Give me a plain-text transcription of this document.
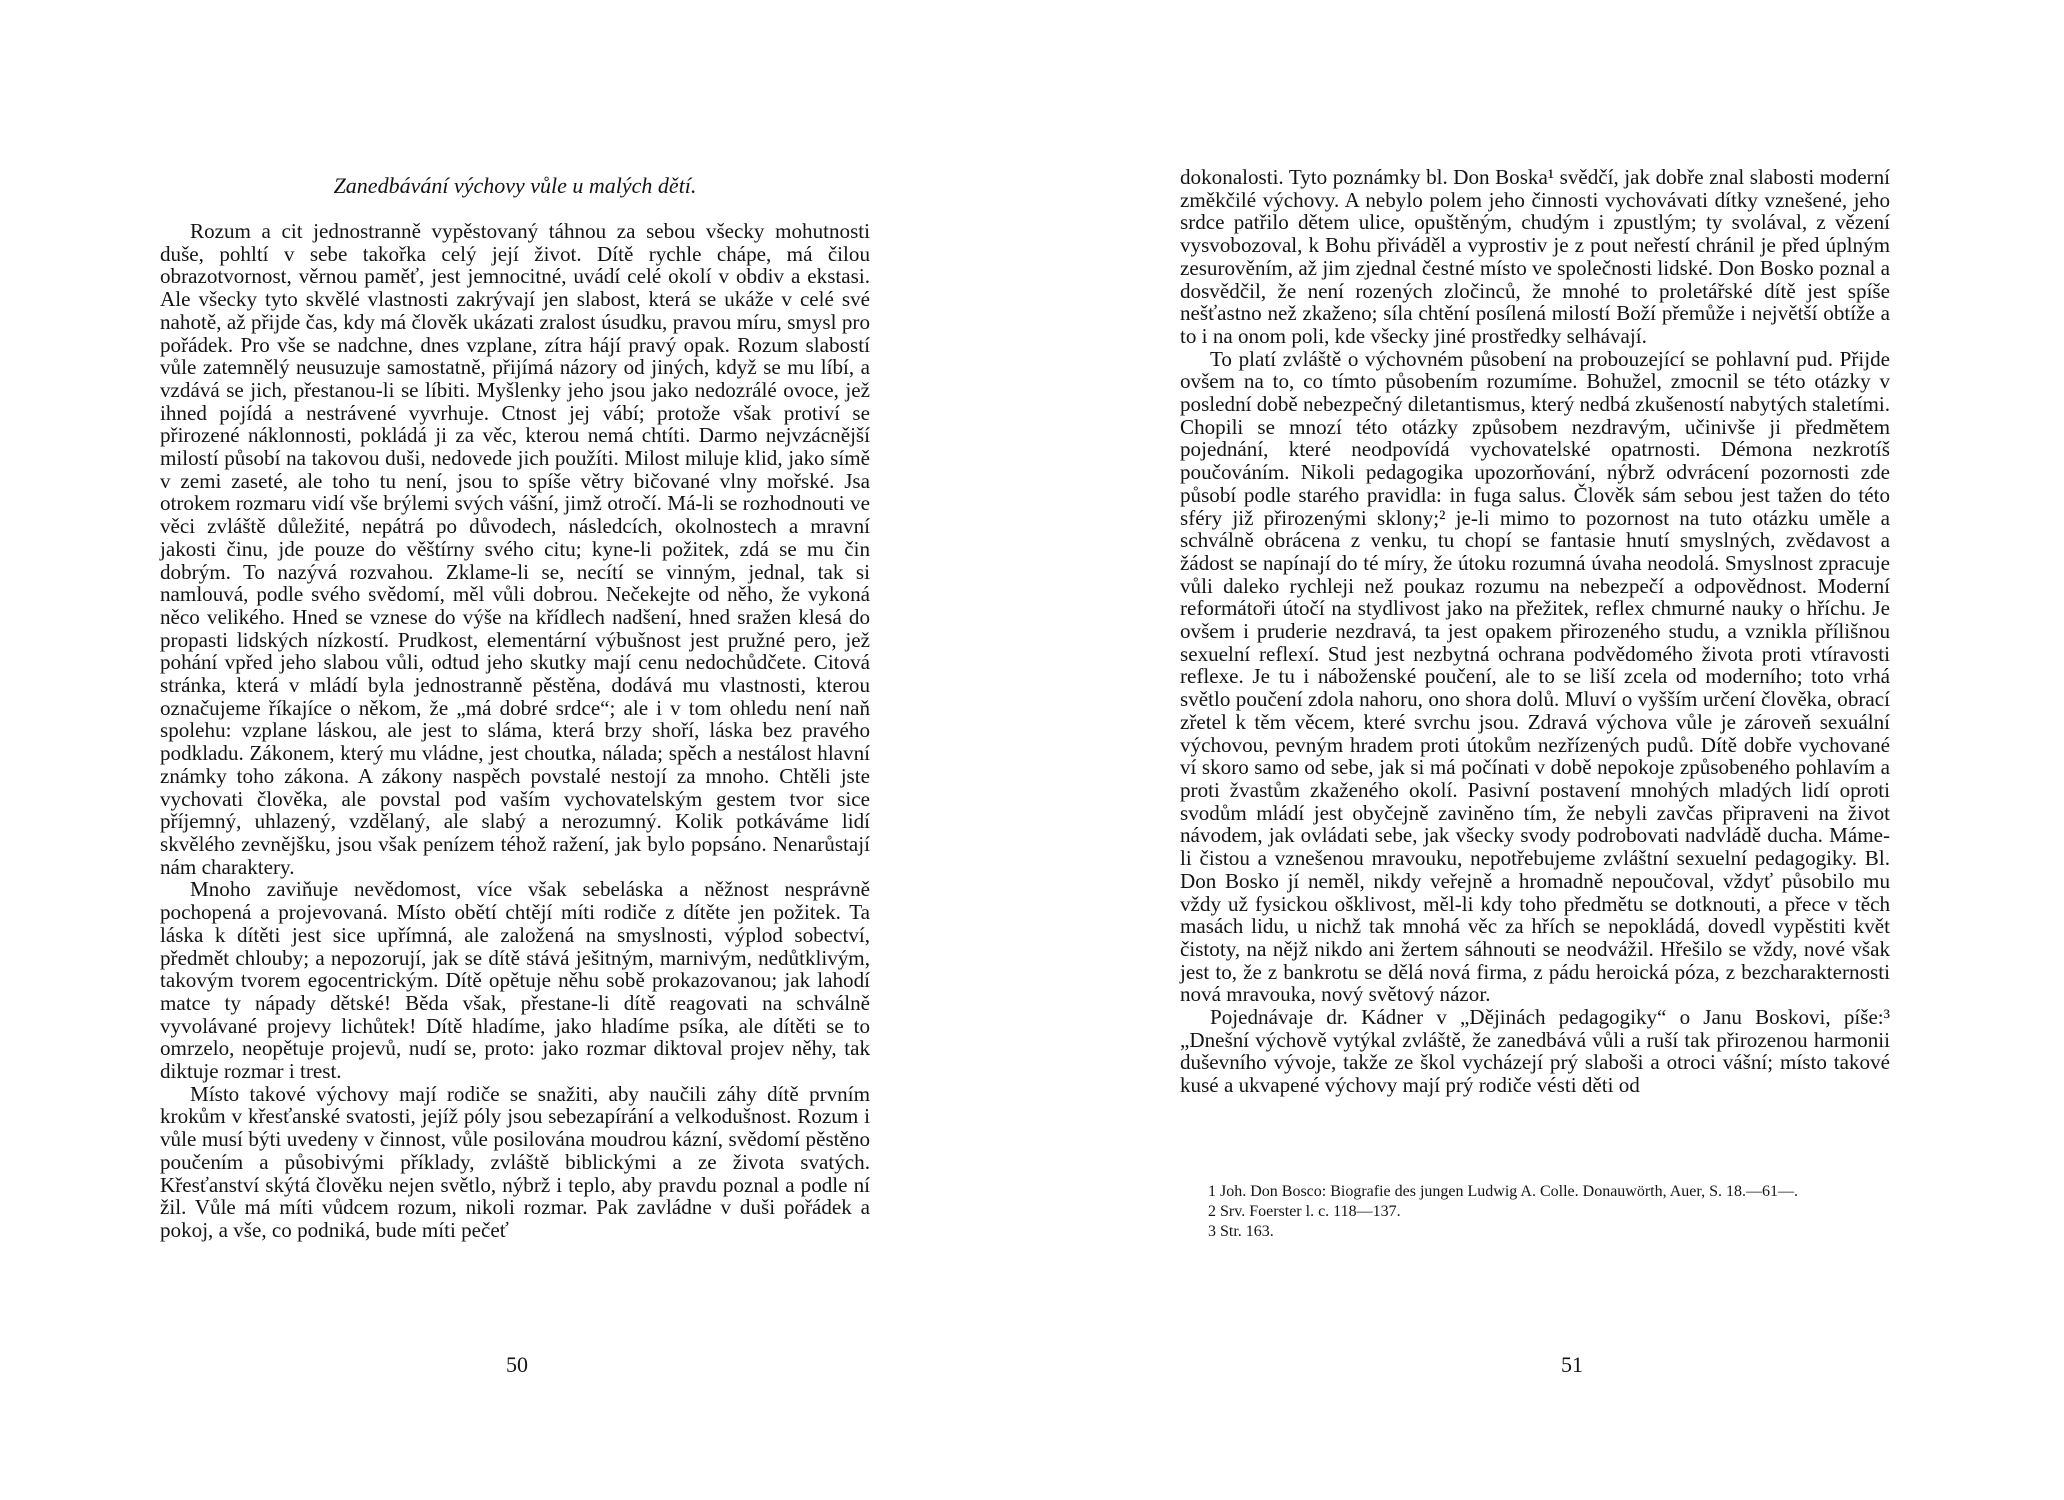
Zanedbávání výchovy vůle u malých dětí.

Rozum a cit jednostranně vypěstovaný táhnou za sebou všecky mohutnosti duše, pohltí v sebe takořka celý její život. Dítě rychle chápe, má čilou obrazotvornost, věrnou paměť, jest jemnocitné, uvádí celé okolí v obdiv a ekstasi. Ale všecky tyto skvělé vlastnosti zakrývají jen slabost, která se ukáže v celé své nahotě, až přijde čas, kdy má člověk ukázati zralost úsudku, pravou míru, smysl pro pořádek. Pro vše se nadchne, dnes vzplane, zítra hájí pravý opak. Rozum slabostí vůle zatemnělý neusuzuje samostatně, přijímá názory od jiných, když se mu líbí, a vzdává se jich, přestanou-li se líbiti. Myšlenky jeho jsou jako nedozrálé ovoce, jež ihned pojídá a nestrávené vyvrhuje. Ctnost jej vábí; protože však protiví se přirozené náklonnosti, pokládá ji za věc, kterou nemá chtíti. Darmo nejvzácnější milostí působí na takovou duši, nedovede jich použíti. Milost miluje klid, jako símě v zemi zaseté, ale toho tu není, jsou to spíše větry bičované vlny mořské. Jsa otrokem rozmaru vidí vše brýlemi svých vášní, jimž otročí. Má-li se rozhodnouti ve věci zvláště důležité, nepátrá po důvodech, následcích, okolnostech a mravní jakosti činu, jde pouze do věštírny svého citu; kyne-li požitek, zdá se mu čin dobrým. To nazývá rozvahou. Zklame-li se, necítí se vinným, jednal, tak si namlouvá, podle svého svědomí, měl vůli dobrou. Nečekejte od něho, že vykoná něco velikého. Hned se vznese do výše na křídlech nadšení, hned sražen klesá do propasti lidských nízkostí. Prudkost, elementární výbušnost jest pružné pero, jež pohání vpřed jeho slabou vůli, odtud jeho skutky mají cenu nedochůdčete. Citová stránka, která v mládí byla jednostranně pěstěna, dodává mu vlastnosti, kterou označujeme říkajíce o někom, že „má dobré srdce“; ale i v tom ohledu není naň spolehu: vzplane láskou, ale jest to sláma, která brzy shoří, láska bez pravého podkladu. Zákonem, který mu vládne, jest choutka, nálada; spěch a nestálost hlavní známky toho zákona. A zákony naspěch povstalé nestojí za mnoho. Chtěli jste vychovati člověka, ale povstal pod vaším vychovatelským gestem tvor sice příjemný, uhlazený, vzdělaný, ale slabý a nerozumný. Kolik potkáváme lidí skvělého zevnějšku, jsou však penízem téhož ražení, jak bylo popsáno. Nenarůstají nám charaktery.

Mnoho zaviňuje nevědomost, více však sebeláska a něžnost nesprávně pochopená a projevovaná. Místo obětí chtějí míti rodiče z dítěte jen požitek. Ta láska k dítěti jest sice upřímná, ale založená na smyslnosti, výplod sobectví, předmět chlouby; a nepozorují, jak se dítě stává ješitným, marnivým, nedůtklivým, takovým tvorem egocentrickým. Dítě opětuje něhu sobě prokazovanou; jak lahodí matce ty nápady dětské! Běda však, přestane-li dítě reagovati na schválně vyvolávané projevy lichůtek! Dítě hladíme, jako hladíme psíka, ale dítěti se to omrzelo, neopětuje projevů, nudí se, proto: jako rozmar diktoval projev něhy, tak diktuje rozmar i trest.

Místo takové výchovy mají rodiče se snažiti, aby naučili záhy dítě prvním krokům v křesťanské svatosti, jejíž póly jsou sebezapírání a velkodušnost. Rozum i vůle musí býti uvedeny v činnost, vůle posilována moudrou kázní, svědomí pěstěno poučením a působivými příklady, zvláště biblickými a ze života svatých. Křesťanství skýtá člověku nejen světlo, nýbrž i teplo, aby pravdu poznal a podle ní žil. Vůle má míti vůdcem rozum, nikoli rozmar. Pak zavládne v duši pořádek a pokoj, a vše, co podniká, bude míti pečeť

50

dokonalosti. Tyto poznámky bl. Don Boska¹ svědčí, jak dobře znal slabosti moderní změkčilé výchovy. A nebylo polem jeho činnosti vychovávati dítky vznešené, jeho srdce patřilo dětem ulice, opuštěným, chudým i zpustlým; ty svolával, z vězení vysvobozoval, k Bohu přiváděl a vyprostiv je z pout neřestí chránil je před úplným zesurověním, až jim zjednal čestné místo ve společnosti lidské. Don Bosko poznal a dosvědčil, že není rozených zločinců, že mnohé to proletářské dítě jest spíše nešťastno než zkaženo; síla chtění posílená milostí Boží přemůže i největší obtíže a to i na onom poli, kde všecky jiné prostředky selhávají.

To platí zvláště o výchovném působení na probouzející se pohlavní pud. Přijde ovšem na to, co tímto působením rozumíme. Bohužel, zmocnil se této otázky v poslední době nebezpečný diletantismus, který nedbá zkušeností nabytých staletími. Chopili se mnozí této otázky způsobem nezdravým, učinivše ji předmětem pojednání, které neodpovídá vychovatelské opatrnosti. Démona nezkrotíš poučováním. Nikoli pedagogika upozorňování, nýbrž odvrácení pozornosti zde působí podle starého pravidla: in fuga salus. Člověk sám sebou jest tažen do této sféry již přirozenými sklony;² je-li mimo to pozornost na tuto otázku uměle a schválně obrácena z venku, tu chopí se fantasie hnutí smyslných, zvědavost a žádost se napínají do té míry, že útoku rozumná úvaha neodolá. Smyslnost zpracuje vůli daleko rychleji než poukaz rozumu na nebezpečí a odpovědnost. Moderní reformátoři útočí na stydlivost jako na přežitek, reflex chmurné nauky o hříchu. Je ovšem i pruderie nezdravá, ta jest opakem přirozeného studu, a vznikla přílišnou sexuelní reflexí. Stud jest nezbytná ochrana podvědomého života proti vtíravosti reflexe. Je tu i náboženské poučení, ale to se liší zcela od moderního; toto vrhá světlo poučení zdola nahoru, ono shora dolů. Mluví o vyšším určení člověka, obrací zřetel k těm věcem, které svrchu jsou. Zdravá výchova vůle je zároveň sexuální výchovou, pevným hradem proti útokům nezřízených pudů. Dítě dobře vychované ví skoro samo od sebe, jak si má počínati v době nepokoje způsobeného pohlavím a proti žvastům zkaženého okolí. Pasivní postavení mnohých mladých lidí oproti svodům mládí jest obyčejně zaviněno tím, že nebyli zavčas připraveni na život návodem, jak ovládati sebe, jak všecky svody podrobovati nadvládě ducha. Máme-li čistou a vznešenou mravouku, nepotřebujeme zvláštní sexuelní pedagogiky. Bl. Don Bosko jí neměl, nikdy veřejně a hromadně nepoučoval, vždyť působilo mu vždy už fysickou ošklivost, měl-li kdy toho předmětu se dotknouti, a přece v těch masách lidu, u nichž tak mnohá věc za hřích se nepokládá, dovedl vypěstiti květ čistoty, na nějž nikdo ani žertem sáhnouti se neodvážil. Hřešilo se vždy, nové však jest to, že z bankrotu se dělá nová firma, z pádu heroická póza, z bezcharakternosti nová mravouka, nový světový názor.

Pojednávaje dr. Kádner v „Dějinách pedagogiky“ o Janu Boskovi, píše:³ „Dnešní výchově vytýkal zvláště, že zanedbává vůli a ruší tak přirozenou harmonii duševního vývoje, takže ze škol vycházejí prý slaboši a otroci vášní; místo takové kusé a ukvapené výchovy mají prý rodiče vésti děti od

1 Joh. Don Bosco: Biografie des jungen Ludwig A. Colle. Donauwörth, Auer, S. 18.—61—.

2 Srv. Foerster l. c. 118—137.

3 Str. 163.

51
